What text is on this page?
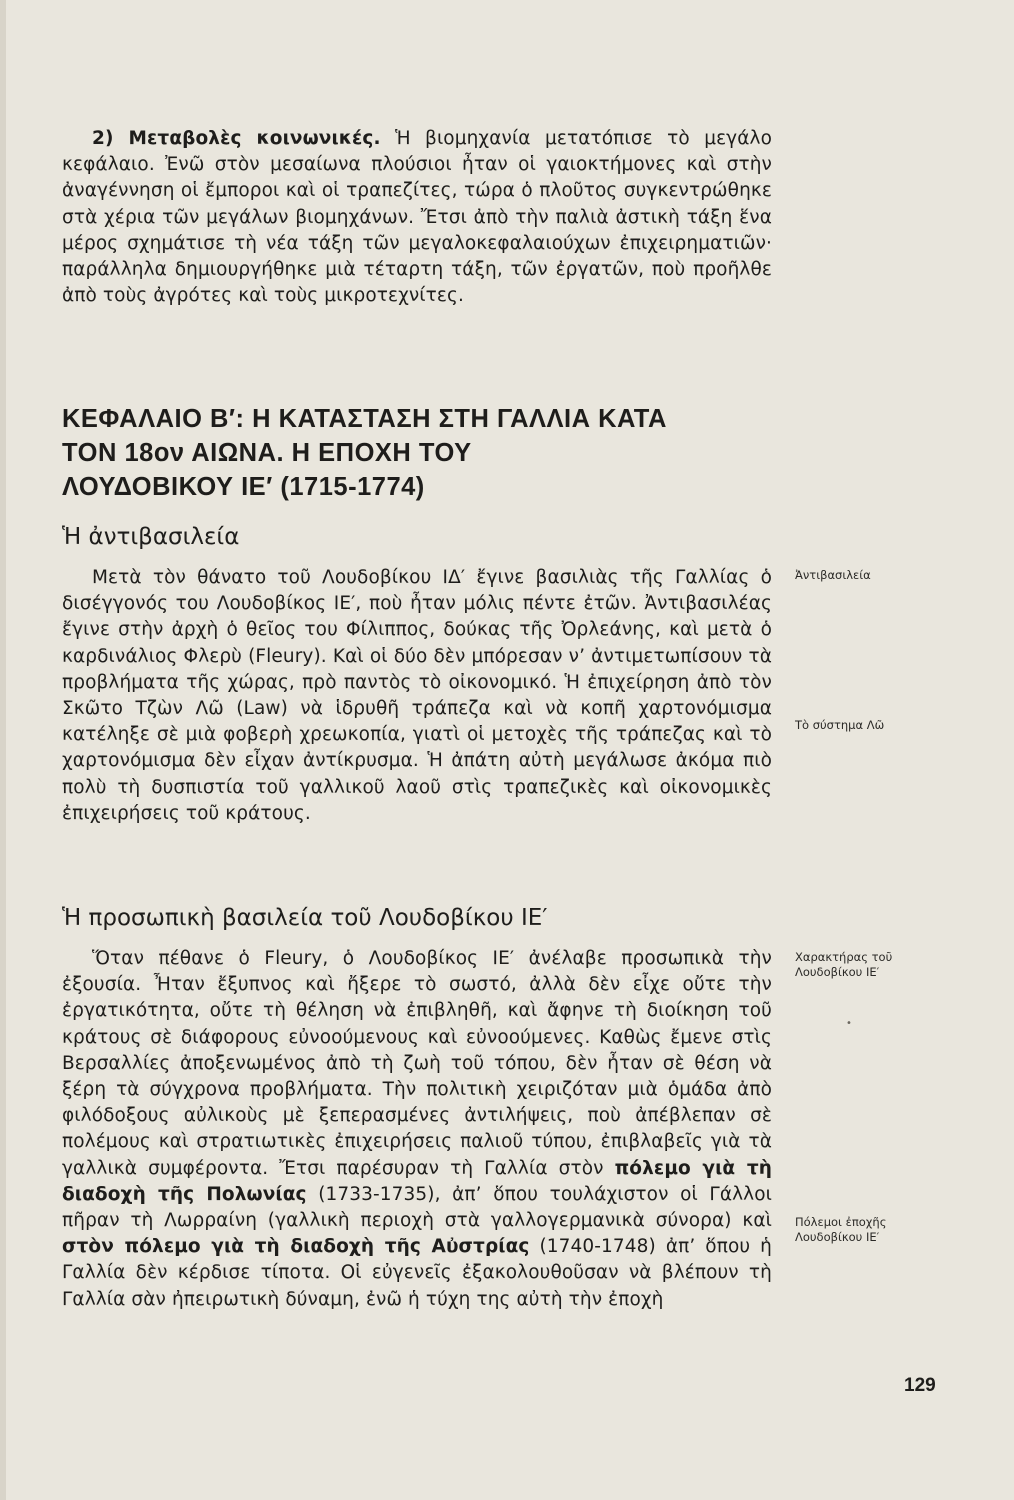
2) Μεταβολὲς κοινωνικές. Ἡ βιομηχανία μετατόπισε τὸ μεγάλο κεφάλαιο. Ἐνῶ στὸν μεσαίωνα πλούσιοι ἦταν οἱ γαιοκτήμονες καὶ στὴν ἀναγέννηση οἱ ἔμποροι καὶ οἱ τραπεζίτες, τώρα ὁ πλοῦτος συγκεντρώθηκε στὰ χέρια τῶν μεγάλων βιομηχάνων. Ἔτσι ἀπὸ τὴν παλιὰ ἀστικὴ τάξη ἕνα μέρος σχημάτισε τὴ νέα τάξη τῶν μεγαλοκεφαλαιούχων ἐπιχειρηματιῶν· παράλληλα δημιουργήθηκε μιὰ τέταρτη τάξη, τῶν ἐργατῶν, ποὺ προῆλθε ἀπὸ τοὺς ἀγρότες καὶ τοὺς μικροτεχνίτες.

ΚΕΦΑΛΑΙΟ Β′: Η ΚΑΤΑΣΤΑΣΗ ΣΤΗ ΓΑΛΛΙΑ ΚΑΤΑ
ΤΟΝ 18ον ΑΙΩΝΑ. Η ΕΠΟΧΗ ΤΟΥ
ΛΟΥΔΟΒΙΚΟΥ ΙΕ′ (1715-1774)
Ἡ ἀντιβασιλεία

Μετὰ τὸν θάνατο τοῦ Λουδοβίκου ΙΔ′ ἔγινε βασιλιὰς τῆς Γαλλίας ὁ δισέγγονός του Λουδοβίκος ΙΕ′, ποὺ ἦταν μόλις πέντε ἐτῶν. Ἀντιβασιλέας ἔγινε στὴν ἀρχὴ ὁ θεῖος του Φίλιππος, δούκας τῆς Ὀρλεάνης, καὶ μετὰ ὁ καρδινάλιος Φλερὺ (Fleury). Καὶ οἱ δύο δὲν μπόρεσαν ν’ ἀντιμετωπίσουν τὰ προβλήματα τῆς χώρας, πρὸ παντὸς τὸ οἰκονομικό. Ἡ ἐπιχείρηση ἀπὸ τὸν Σκῶτο Τζὼν Λῶ (Law) νὰ ἱδρυθῆ τράπεζα καὶ νὰ κοπῆ χαρτονόμισμα κατέληξε σὲ μιὰ φοβερὴ χρεωκοπία, γιατὶ οἱ μετοχὲς τῆς τράπεζας καὶ τὸ χαρτονόμισμα δὲν εἶχαν ἀντίκρυσμα. Ἡ ἀπάτη αὐτὴ μεγάλωσε ἀκόμα πιὸ πολὺ τὴ δυσπιστία τοῦ γαλλικοῦ λαοῦ στὶς τραπεζικὲς καὶ οἰκονομικὲς ἐπιχειρήσεις τοῦ κράτους.

Ἡ προσωπικὴ βασιλεία τοῦ Λουδοβίκου ΙΕ′

Ὅταν πέθανε ὁ Fleury, ὁ Λουδοβίκος ΙΕ′ ἀνέλαβε προσωπικὰ τὴν ἐξουσία. Ἦταν ἔξυπνος καὶ ἤξερε τὸ σωστό, ἀλλὰ δὲν εἶχε οὔτε τὴν ἐργατικότητα, οὔτε τὴ θέληση νὰ ἐπιβληθῆ, καὶ ἄφηνε τὴ διοίκηση τοῦ κράτους σὲ διάφορους εὐνοούμενους καὶ εὐνοούμενες. Καθὼς ἔμενε στὶς Βερσαλλίες ἀποξενωμένος ἀπὸ τὴ ζωὴ τοῦ τόπου, δὲν ἦταν σὲ θέση νὰ ξέρη τὰ σύγχρονα προβλήματα. Τὴν πολιτικὴ χειριζόταν μιὰ ὁμάδα ἀπὸ φιλόδοξους αὐλικοὺς μὲ ξεπερασμένες ἀντιλήψεις, ποὺ ἀπέβλεπαν σὲ πολέμους καὶ στρατιωτικὲς ἐπιχειρήσεις παλιοῦ τύπου, ἐπιβλαβεῖς γιὰ τὰ γαλλικὰ συμφέροντα. Ἔτσι παρέσυραν τὴ Γαλλία στὸν πόλεμο γιὰ τὴ διαδοχὴ τῆς Πολωνίας (1733-1735), ἀπ’ ὅπου τουλάχιστον οἱ Γάλλοι πῆραν τὴ Λωρραίνη (γαλλικὴ περιοχὴ στὰ γαλλογερμανικὰ σύνορα) καὶ στὸν πόλεμο γιὰ τὴ διαδοχὴ τῆς Αὐστρίας (1740-1748) ἀπ’ ὅπου ἡ Γαλλία δὲν κέρδισε τίποτα. Οἱ εὐγενεῖς ἐξακολουθοῦσαν νὰ βλέπουν τὴ Γαλλία σὰν ἠπειρωτικὴ δύναμη, ἐνῶ ἡ τύχη της αὐτὴ τὴν ἐποχὴ

Ἀντιβασιλεία
Τὸ σύστημα Λῶ
Χαρακτήρας τοῦ Λουδοβίκου ΙΕ′
Πόλεμοι ἐποχῆς Λουδοβίκου ΙΕ′
•
129
